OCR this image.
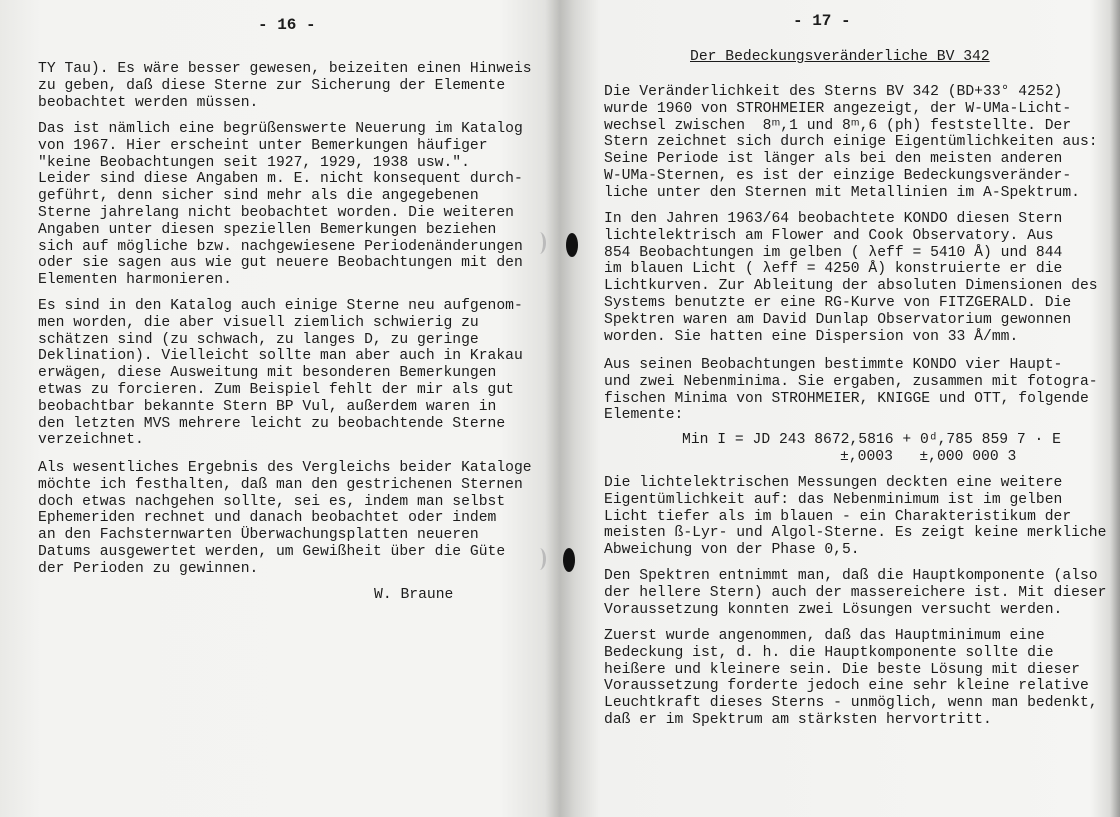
- 16 -
TY Tau). Es wäre besser gewesen, beizeiten einen Hinweis
zu geben, daß diese Sterne zur Sicherung der Elemente
beobachtet werden müssen.
Das ist nämlich eine begrüßenswerte Neuerung im Katalog
von 1967. Hier erscheint unter Bemerkungen häufiger
"keine Beobachtungen seit 1927, 1929, 1938 usw.".
Leider sind diese Angaben m. E. nicht konsequent durch-
geführt, denn sicher sind mehr als die angegebenen
Sterne jahrelang nicht beobachtet worden. Die weiteren
Angaben unter diesen speziellen Bemerkungen beziehen
sich auf mögliche bzw. nachgewiesene Periodenänderungen
oder sie sagen aus wie gut neuere Beobachtungen mit den
Elementen harmonieren.
Es sind in den Katalog auch einige Sterne neu aufgenom-
men worden, die aber visuell ziemlich schwierig zu
schätzen sind (zu schwach, zu langes D, zu geringe
Deklination). Vielleicht sollte man aber auch in Krakau
erwägen, diese Ausweitung mit besonderen Bemerkungen
etwas zu forcieren. Zum Beispiel fehlt der mir als gut
beobachtbar bekannte Stern BP Vul, außerdem waren in
den letzten MVS mehrere leicht zu beobachtende Sterne
verzeichnet.
Als wesentliches Ergebnis des Vergleichs beider Kataloge
möchte ich festhalten, daß man den gestrichenen Sternen
doch etwas nachgehen sollte, sei es, indem man selbst
Ephemeriden rechnet und danach beobachtet oder indem
an den Fachsternwarten Überwachungsplatten neueren
Datums ausgewertet werden, um Gewißheit über die Güte
der Perioden zu gewinnen.
W. Braune
- 17 -
Der Bedeckungsveränderliche BV 342
Die Veränderlichkeit des Sterns BV 342 (BD+33° 4252)
wurde 1960 von STROHMEIER angezeigt, der W-UMa-Licht-
wechsel zwischen  8ᵐ,1 und 8ᵐ,6 (ph) feststellte. Der
Stern zeichnet sich durch einige Eigentümlichkeiten aus:
Seine Periode ist länger als bei den meisten anderen
W-UMa-Sternen, es ist der einzige Bedeckungsveränder-
liche unter den Sternen mit Metallinien im A-Spektrum.
In den Jahren 1963/64 beobachtete KONDO diesen Stern
lichtelektrisch am Flower and Cook Observatory. Aus
854 Beobachtungen im gelben ( λeff = 5410 Å) und 844
im blauen Licht ( λeff = 4250 Å) konstruierte er die
Lichtkurven. Zur Ableitung der absoluten Dimensionen des
Systems benutzte er eine RG-Kurve von FITZGERALD. Die
Spektren waren am David Dunlap Observatorium gewonnen
worden. Sie hatten eine Dispersion von 33 Å/mm.
Aus seinen Beobachtungen bestimmte KONDO vier Haupt-
und zwei Nebenminima. Sie ergaben, zusammen mit fotogra-
fischen Minima von STROHMEIER, KNIGGE und OTT, folgende
Elemente:
Min I = JD 243 8672,5816 + 0ᵈ,785 859 7 · E
±,0003   ±,000 000 3
Die lichtelektrischen Messungen deckten eine weitere
Eigentümlichkeit auf: das Nebenminimum ist im gelben
Licht tiefer als im blauen - ein Charakteristikum der
meisten ß-Lyr- und Algol-Sterne. Es zeigt keine merkliche
Abweichung von der Phase 0,5.
Den Spektren entnimmt man, daß die Hauptkomponente (also
der hellere Stern) auch der massereichere ist. Mit dieser
Voraussetzung konnten zwei Lösungen versucht werden.
Zuerst wurde angenommen, daß das Hauptminimum eine
Bedeckung ist, d. h. die Hauptkomponente sollte die
heißere und kleinere sein. Die beste Lösung mit dieser
Voraussetzung forderte jedoch eine sehr kleine relative
Leuchtkraft dieses Sterns - unmöglich, wenn man bedenkt,
daß er im Spektrum am stärksten hervortritt.
